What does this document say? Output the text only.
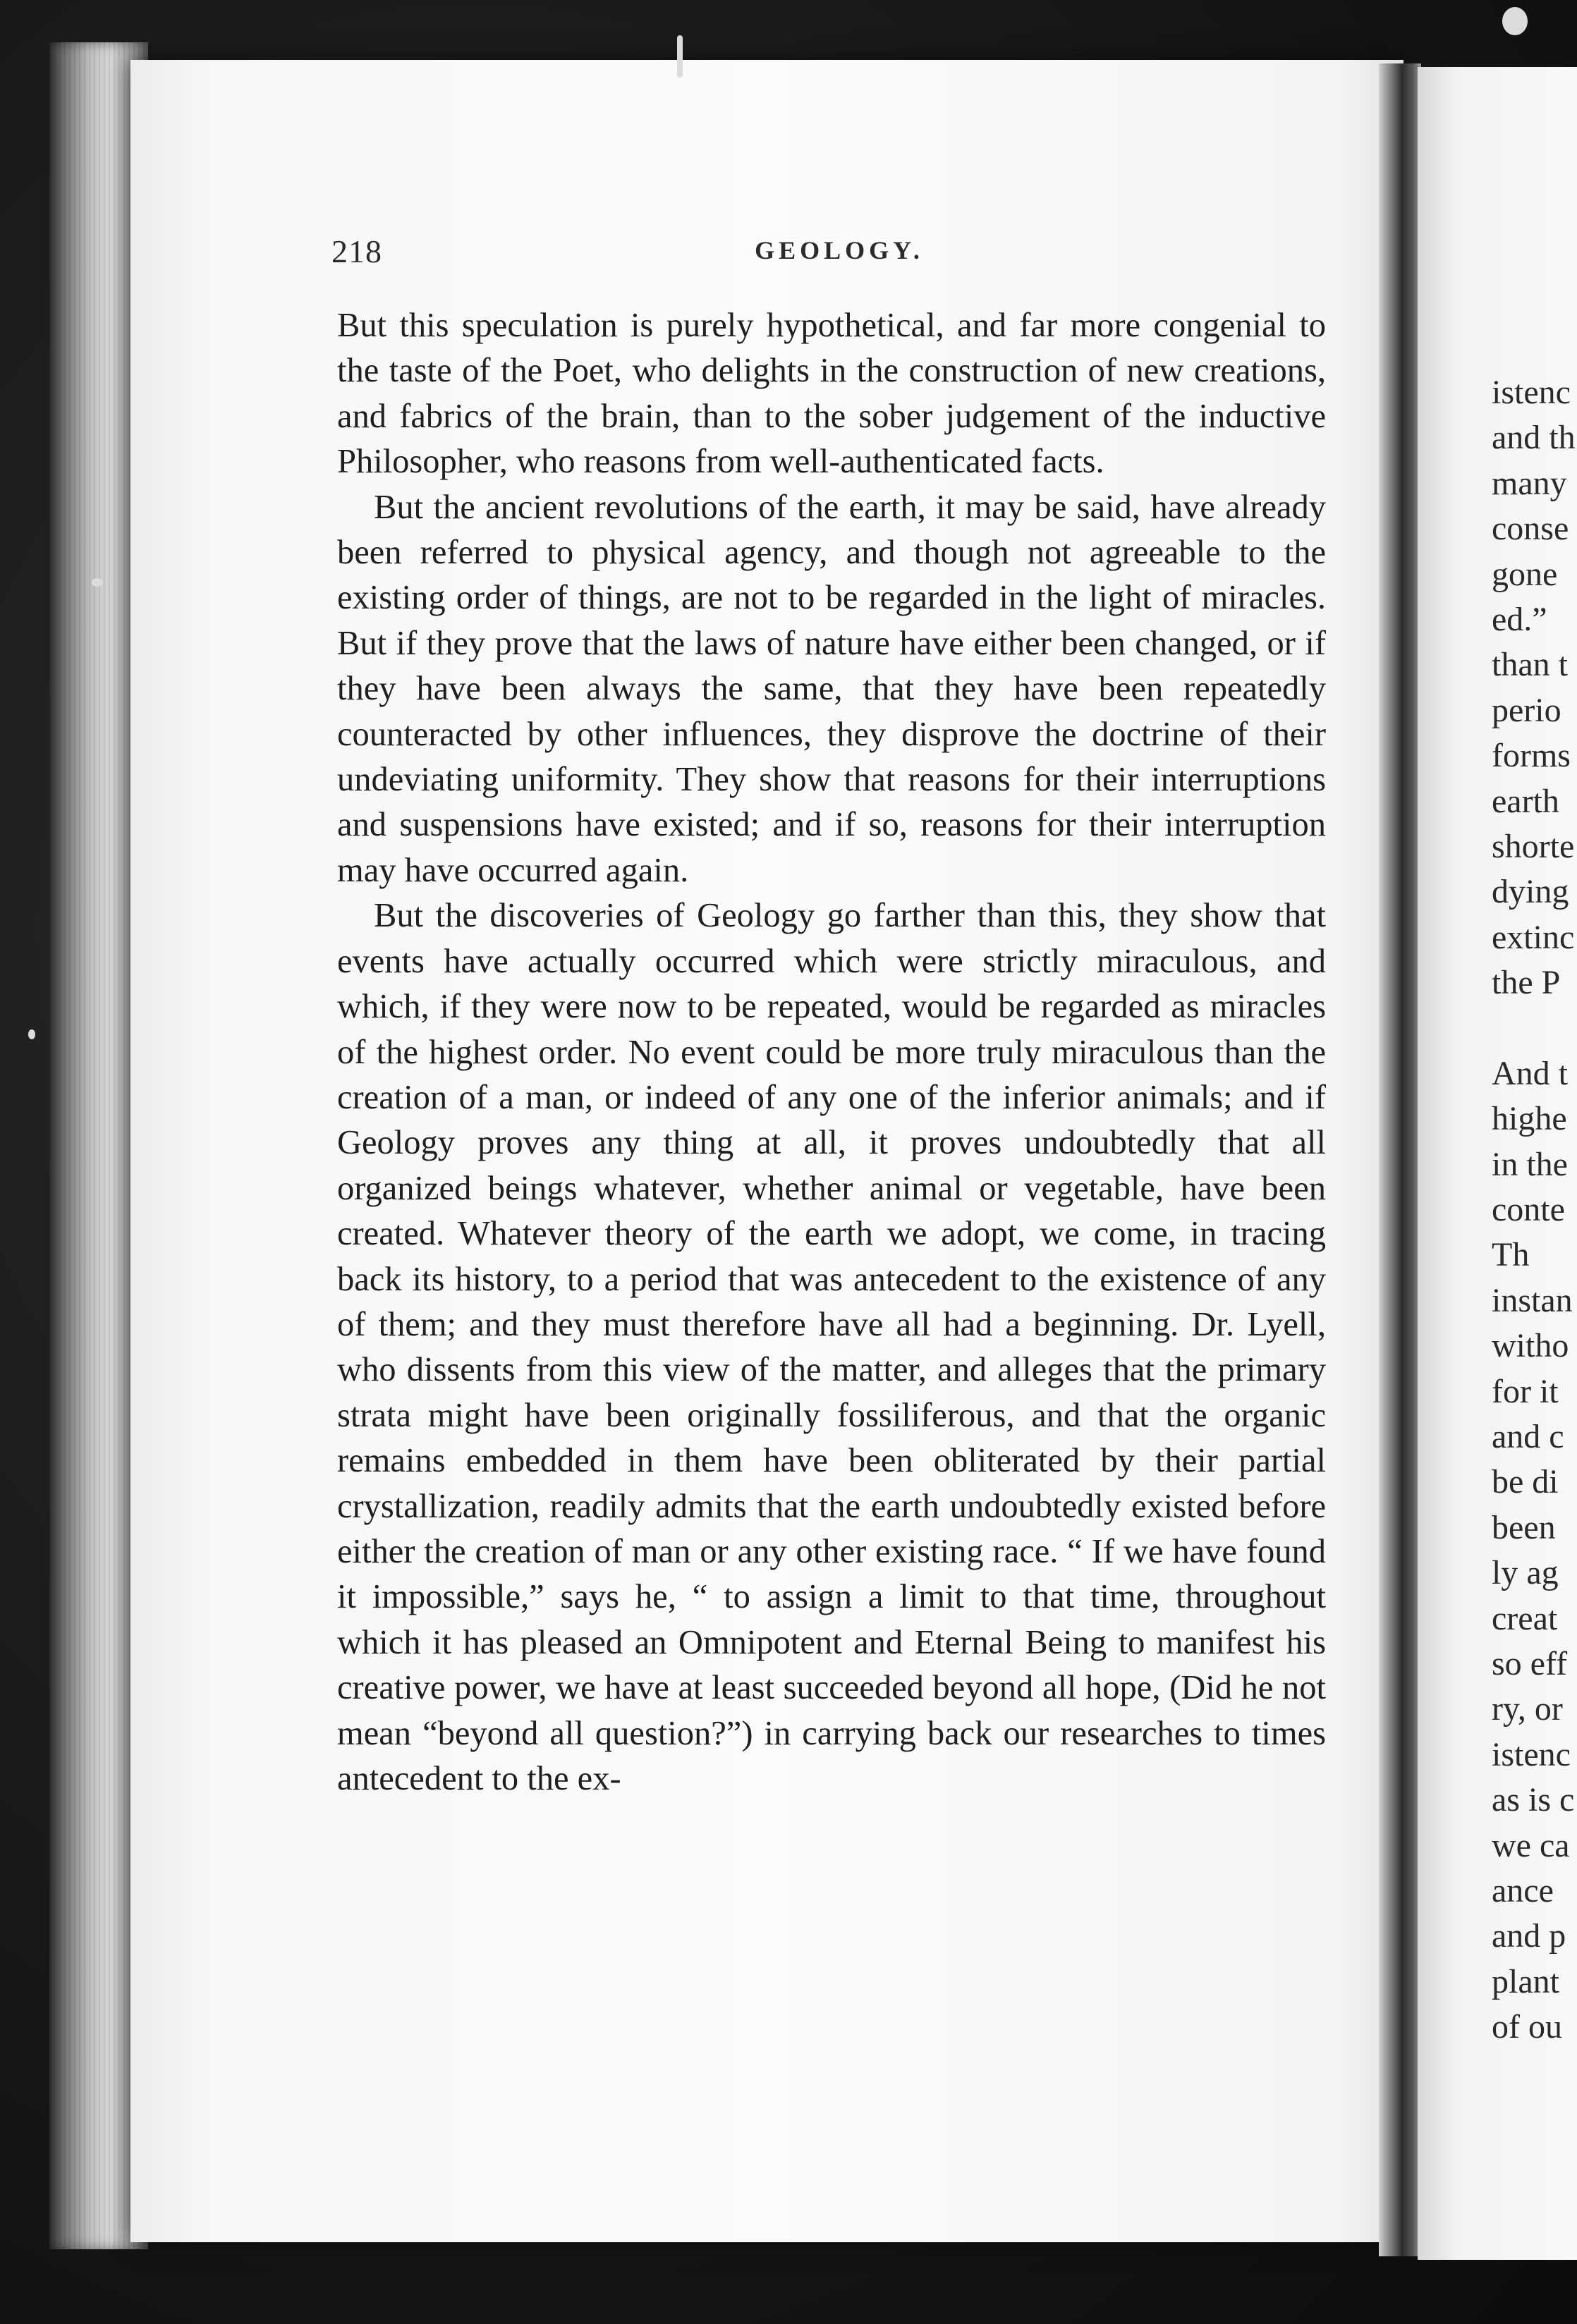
istenc
and th
many
conse
gone
ed.”
than t
perio
forms
earth
shorte
dying
extinc
the P
And t
highe
in the
conte
Th
instan
witho
for it
and c
be di
been
ly ag
creat
so eff
ry, or
istenc
as is c
we ca
ance
and p
plant
of ou
218	GEOLOGY.

But this speculation is purely hypothetical, and far more congenial to the taste of the Poet, who delights in the construction of new creations, and fabrics of the brain, than to the sober judgement of the inductive Philosopher, who reasons from well-authenticated facts.

But the ancient revolutions of the earth, it may be said, have already been referred to physical agency, and though not agreeable to the existing order of things, are not to be regarded in the light of miracles. But if they prove that the laws of nature have either been changed, or if they have been always the same, that they have been repeatedly counteracted by other influences, they disprove the doctrine of their undeviating uniformity. They show that reasons for their interruptions and suspensions have existed; and if so, reasons for their interruption may have occurred again.

But the discoveries of Geology go farther than this, they show that events have actually occurred which were strictly miraculous, and which, if they were now to be repeated, would be regarded as miracles of the highest order. No event could be more truly miraculous than the creation of a man, or indeed of any one of the inferior animals; and if Geology proves any thing at all, it proves undoubtedly that all organized beings whatever, whether animal or vegetable, have been created. Whatever theory of the earth we adopt, we come, in tracing back its history, to a period that was antecedent to the existence of any of them; and they must therefore have all had a beginning. Dr. Lyell, who dissents from this view of the matter, and alleges that the primary strata might have been originally fossiliferous, and that the organic remains embedded in them have been obliterated by their partial crystallization, readily admits that the earth undoubtedly existed before either the creation of man or any other existing race. “ If we have found it impossible,” says he, “ to assign a limit to that time, throughout which it has pleased an Omnipotent and Eternal Being to manifest his creative power, we have at least succeeded beyond all hope, (Did he not mean “beyond all question?”) in carrying back our researches to times antecedent to the ex-
